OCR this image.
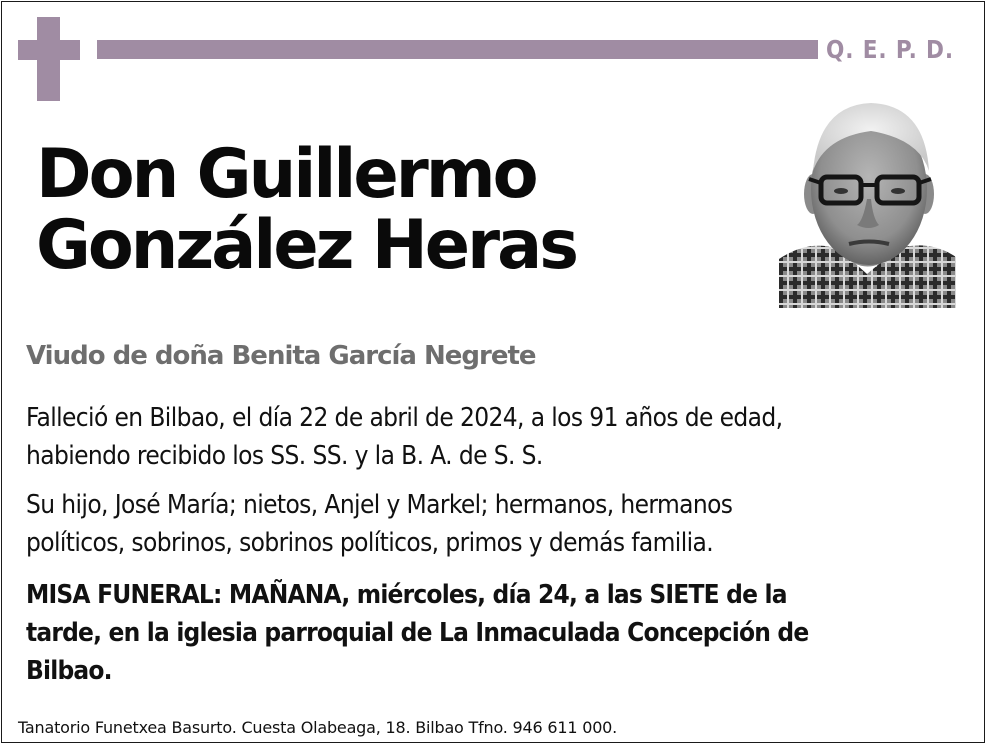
Q. E. P. D.
Don Guillermo
González Heras
Viudo de doña Benita García Negrete
Falleció en Bilbao, el día 22 de abril de 2024, a los 91 años de edad,
habiendo recibido los SS. SS. y la B. A. de S. S.
Su hijo, José María; nietos, Anjel y Markel; hermanos, hermanos
políticos, sobrinos, sobrinos políticos, primos y demás familia.
MISA FUNERAL: MAÑANA, miércoles, día 24, a las SIETE de la
tarde, en la iglesia parroquial de La Inmaculada Concepción de
Bilbao.
Tanatorio Funetxea Basurto. Cuesta Olabeaga, 18. Bilbao Tfno. 946 611 000.
